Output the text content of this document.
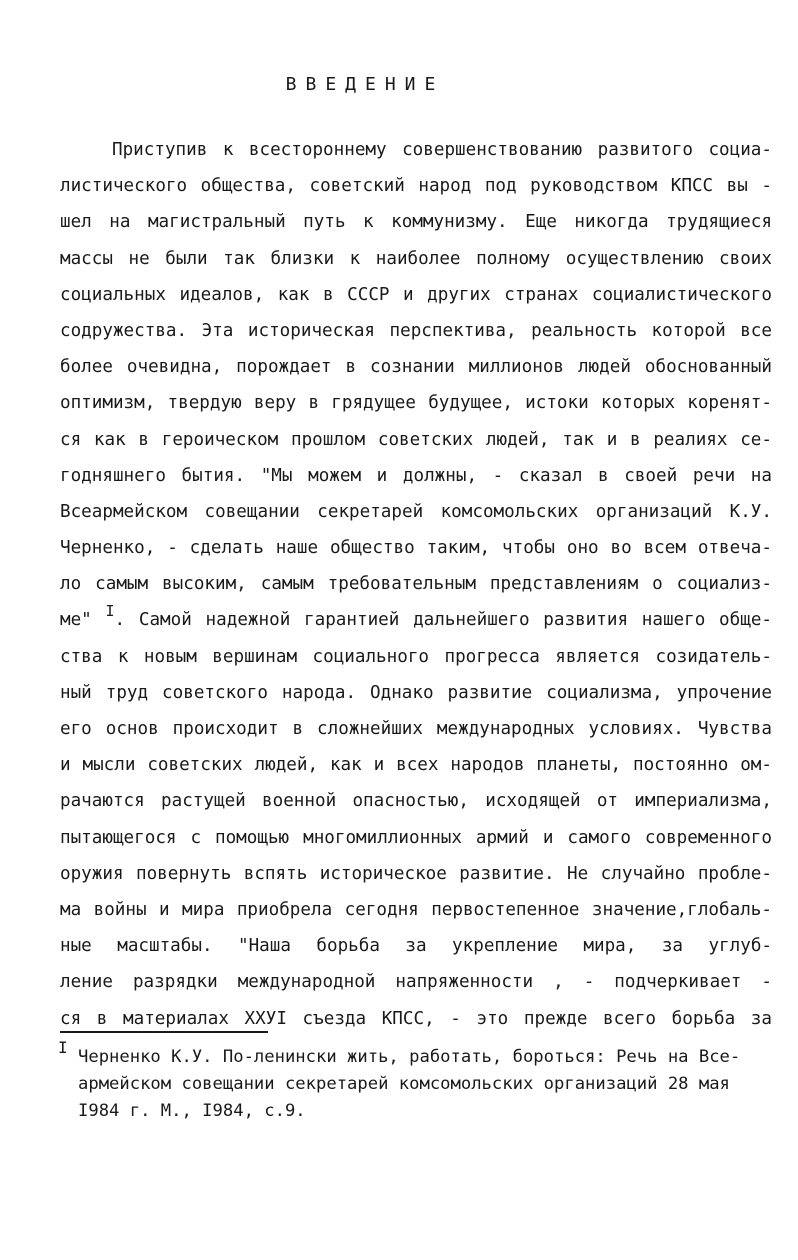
ВВЕДЕНИЕ
Приступив к всестороннему совершенствованию развитого социа-
листического общества, советский народ под руководством КПСС вы -
шел на магистральный путь к коммунизму. Еще никогда трудящиеся
массы не были так близки к наиболее полному осуществлению своих
социальных идеалов, как в СССР и других странах социалистического
содружества. Эта историческая перспектива, реальность которой все
более очевидна, порождает в сознании миллионов людей обоснованный
оптимизм, твердую веру в грядущее будущее, истоки которых коренят-
ся как в героическом прошлом советских людей, так и в реалиях се-
годняшнего бытия. "Мы можем и должны, - сказал в своей речи на
Всеармейском совещании секретарей комсомольских организаций К.У.
Черненко, - сделать наше общество таким, чтобы оно во всем отвеча-
ло самым высоким, самым требовательным представлениям о социализ-
ме" I. Самой надежной гарантией дальнейшего развития нашего обще-
ства к новым вершинам социального прогресса является созидатель-
ный труд советского народа. Однако развитие социализма, упрочение
его основ происходит в сложнейших международных условиях. Чувства
и мысли советских людей, как и всех народов планеты, постоянно ом-
рачаются растущей военной опасностью, исходящей от империализма,
пытающегося с помощью многомиллионных армий и самого современного
оружия повернуть вспять историческое развитие. Не случайно пробле-
ма войны и мира приобрела сегодня первостепенное значение,глобаль-
ные масштабы. "Наша борьба за укрепление мира, за углуб-
ление разрядки международной напряженности , - подчеркивает -
ся в материалах XXУI съезда КПСС, - это прежде всего борьба за
I Черненко К.У. По-ленински жить, работать, бороться: Речь на Все-
армейском совещании секретарей комсомольских организаций 28 мая
I984 г. М., I984, с.9.
